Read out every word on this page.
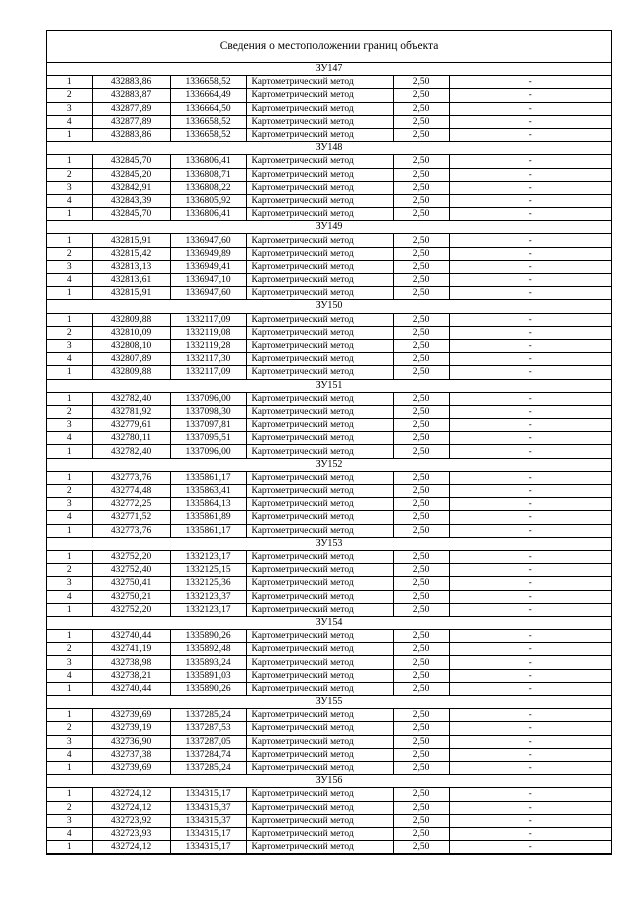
Сведения о местоположении границ объекта
ЗУ147					
1	432883,86	1336658,52	Картометрический метод	2,50	-
2	432883,87	1336664,49	Картометрический метод	2,50	-
3	432877,89	1336664,50	Картометрический метод	2,50	-
4	432877,89	1336658,52	Картометрический метод	2,50	-
1	432883,86	1336658,52	Картометрический метод	2,50	-
ЗУ148					
1	432845,70	1336806,41	Картометрический метод	2,50	-
2	432845,20	1336808,71	Картометрический метод	2,50	-
3	432842,91	1336808,22	Картометрический метод	2,50	-
4	432843,39	1336805,92	Картометрический метод	2,50	-
1	432845,70	1336806,41	Картометрический метод	2,50	-
ЗУ149					
1	432815,91	1336947,60	Картометрический метод	2,50	-
2	432815,42	1336949,89	Картометрический метод	2,50	-
3	432813,13	1336949,41	Картометрический метод	2,50	-
4	432813,61	1336947,10	Картометрический метод	2,50	-
1	432815,91	1336947,60	Картометрический метод	2,50	-
ЗУ150					
1	432809,88	1332117,09	Картометрический метод	2,50	-
2	432810,09	1332119,08	Картометрический метод	2,50	-
3	432808,10	1332119,28	Картометрический метод	2,50	-
4	432807,89	1332117,30	Картометрический метод	2,50	-
1	432809,88	1332117,09	Картометрический метод	2,50	-
ЗУ151					
1	432782,40	1337096,00	Картометрический метод	2,50	-
2	432781,92	1337098,30	Картометрический метод	2,50	-
3	432779,61	1337097,81	Картометрический метод	2,50	-
4	432780,11	1337095,51	Картометрический метод	2,50	-
1	432782,40	1337096,00	Картометрический метод	2,50	-
ЗУ152					
1	432773,76	1335861,17	Картометрический метод	2,50	-
2	432774,48	1335863,41	Картометрический метод	2,50	-
3	432772,25	1335864,13	Картометрический метод	2,50	-
4	432771,52	1335861,89	Картометрический метод	2,50	-
1	432773,76	1335861,17	Картометрический метод	2,50	-
ЗУ153					
1	432752,20	1332123,17	Картометрический метод	2,50	-
2	432752,40	1332125,15	Картометрический метод	2,50	-
3	432750,41	1332125,36	Картометрический метод	2,50	-
4	432750,21	1332123,37	Картометрический метод	2,50	-
1	432752,20	1332123,17	Картометрический метод	2,50	-
ЗУ154					
1	432740,44	1335890,26	Картометрический метод	2,50	-
2	432741,19	1335892,48	Картометрический метод	2,50	-
3	432738,98	1335893,24	Картометрический метод	2,50	-
4	432738,21	1335891,03	Картометрический метод	2,50	-
1	432740,44	1335890,26	Картометрический метод	2,50	-
ЗУ155					
1	432739,69	1337285,24	Картометрический метод	2,50	-
2	432739,19	1337287,53	Картометрический метод	2,50	-
3	432736,90	1337287,05	Картометрический метод	2,50	-
4	432737,38	1337284,74	Картометрический метод	2,50	-
1	432739,69	1337285,24	Картометрический метод	2,50	-
ЗУ156					
1	432724,12	1334315,17	Картометрический метод	2,50	-
2	432724,12	1334315,37	Картометрический метод	2,50	-
3	432723,92	1334315,37	Картометрический метод	2,50	-
4	432723,93	1334315,17	Картометрический метод	2,50	-
1	432724,12	1334315,17	Картометрический метод	2,50	-
